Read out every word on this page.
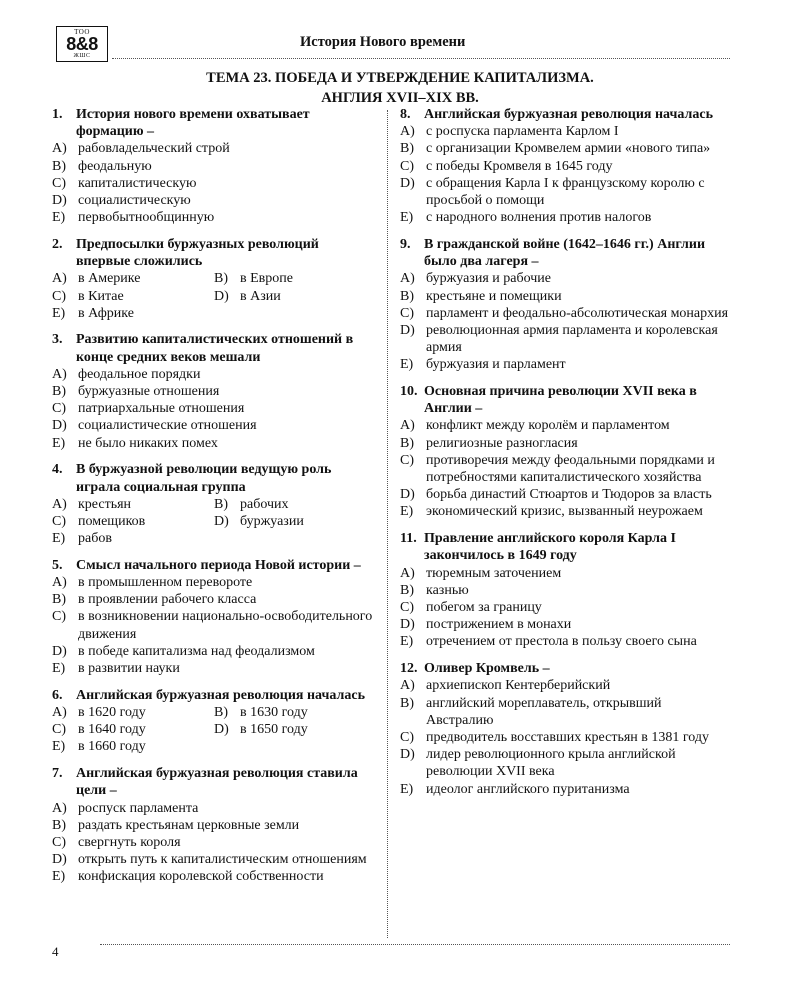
ТОО
8&8
ЖШС
История Нового времени
ТЕМА 23. ПОБЕДА И УТВЕРЖДЕНИЕ КАПИТАЛИЗМА.
АНГЛИЯ XVII–XIX ВВ.
1. История нового времени охватывает формацию –
A) рабовладельческий строй
B) феодальную
C) капиталистическую
D) социалистическую
E) первобытнообщинную
2. Предпосылки буржуазных революций впервые сложились
A) в Америке	B) в Европе
C) в Китае	D) в Азии
E) в Африке
3. Развитию капиталистических отношений в конце средних веков мешали
A) феодальное порядки
B) буржуазные отношения
C) патриархальные отношения
D) социалистические отношения
E) не было никаких помех
4. В буржуазной революции ведущую роль играла социальная группа
A) крестьян	B) рабочих
C) помещиков	D) буржуазии
E) рабов
5. Смысл начального периода Новой истории –
A) в промышленном перевороте
B) в проявлении рабочего класса
C) в возникновении национально-освободительного движения
D) в победе капитализма над феодализмом
E) в развитии науки
6. Английская буржуазная революция началась
A) в 1620 году	B) в 1630 году
C) в 1640 году	D) в 1650 году
E) в 1660 году
7. Английская буржуазная революция ставила цели –
A) роспуск парламента
B) раздать крестьянам церковные земли
C) свергнуть короля
D) открыть путь к капиталистическим отношениям
E) конфискация королевской собственности
8. Английская буржуазная революция началась
A) с роспуска парламента Карлом I
B) с организации Кромвелем армии «нового типа»
C) с победы Кромвеля в 1645 году
D) с обращения Карла I к французскому королю с просьбой о помощи
E) с народного волнения против налогов
9. В гражданской войне (1642–1646 гг.) Англии было два лагеря –
A) буржуазия и рабочие
B) крестьяне и помещики
C) парламент и феодально-абсолютическая монархия
D) революционная армия парламента и королевская армия
E) буржуазия и парламент
10. Основная причина революции XVII века в Англии –
A) конфликт между королём и парламентом
B) религиозные разногласия
C) противоречия между феодальными порядками и потребностями капиталистического хозяйства
D) борьба династий Стюартов и Тюдоров за власть
E) экономический кризис, вызванный неурожаем
11. Правление английского короля Карла I закончилось в 1649 году
A) тюремным заточением
B) казнью
C) побегом за границу
D) пострижением в монахи
E) отречением от престола в пользу своего сына
12. Оливер Кромвель –
A) архиепископ Кентерберийский
B) английский мореплаватель, открывший Австралию
C) предводитель восставших крестьян в 1381 году
D) лидер революционного крыла английской революции XVII века
E) идеолог английского пуританизма
4
